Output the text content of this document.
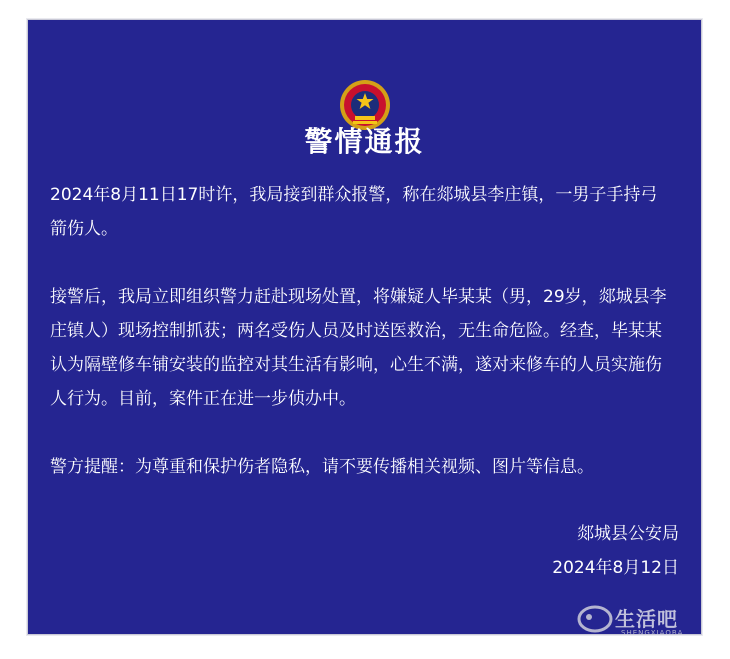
警情通报

2024年8月11日17时许，我局接到群众报警，称在郯城县李庄镇，一男子手持弓箭伤人。

接警后，我局立即组织警力赶赴现场处置，将嫌疑人毕某某（男，29岁，郯城县李庄镇人）现场控制抓获；两名受伤人员及时送医救治，无生命危险。经查，毕某某认为隔壁修车铺安装的监控对其生活有影响，心生不满，遂对来修车的人员实施伤人行为。目前，案件正在进一步侦办中。

警方提醒：为尊重和保护伤者隐私，请不要传播相关视频、图片等信息。

郯城县公安局
2024年8月12日
生活吧
SHENGXIAOBA
